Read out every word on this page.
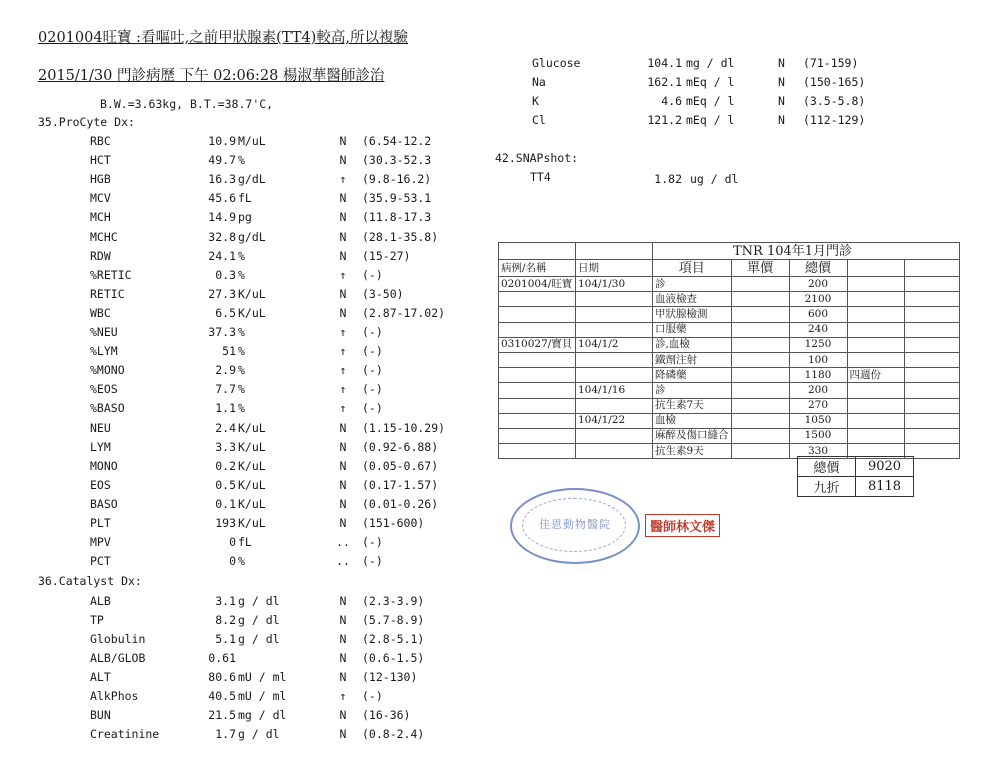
0201004旺寶 :看嘔吐,之前甲狀腺素(TT4)較高,所以複驗
2015/1/30 門診病歷 下午 02:06:28 楊淑華醫師診治
B.W.=3.63kg, B.T.=38.7'C,
35.ProCyte Dx:
RBC	10.9 M/uL	N	(6.54-12.2
HCT	49.7 %	N	(30.3-52.3
HGB	16.3 g/dL	↑	(9.8-16.2)
MCV	45.6 fL	N	(35.9-53.1
MCH	14.9 pg	N	(11.8-17.3
MCHC	32.8 g/dL	N	(28.1-35.8)
RDW	24.1 %	N	(15-27)
%RETIC	0.3 %	↑	(-)
RETIC	27.3 K/uL	N	(3-50)
WBC	6.5 K/uL	N	(2.87-17.02)
%NEU	37.3 %	↑	(-)
%LYM	51 %	↑	(-)
%MONO	2.9 %	↑	(-)
%EOS	7.7 %	↑	(-)
%BASO	1.1 %	↑	(-)
NEU	2.4 K/uL	N	(1.15-10.29)
LYM	3.3 K/uL	N	(0.92-6.88)
MONO	0.2 K/uL	N	(0.05-0.67)
EOS	0.5 K/uL	N	(0.17-1.57)
BASO	0.1 K/uL	N	(0.01-0.26)
PLT	193 K/uL	N	(151-600)
MPV	0 fL	.. (-)
PCT	0 %	.. (-)
36.Catalyst Dx:
ALB	3.1 g / dl	N	(2.3-3.9)
TP	8.2 g / dl	N	(5.7-8.9)
Globulin	5.1 g / dl	N	(2.8-5.1)
ALB/GLOB	0.61	N	(0.6-1.5)
ALT	80.6 mU / ml	N	(12-130)
AlkPhos	40.5 mU / ml	↑	(-)
BUN	21.5 mg / dl	N	(16-36)
Creatinine	1.7 g / dl	N	(0.8-2.4)
Glucose	104.1 mg / dl	N (71-159)
Na	162.1 mEq / l	N (150-165)
K	4.6 mEq / l	N (3.5-5.8)
Cl	121.2 mEq / l	N (112-129)
42.SNAPshot:
TT4	1.82 ug / dl
			TNR 104年1月門診			
病例/名稱	日期	項目	單價	總價		
0201004/旺寶	104/1/30	診		200		
		血液檢查		2100		
		甲狀腺檢測		600		
		口服藥		240		
0310027/寶貝	104/1/2	診,血檢		1250		
		鐵劑注射		100		
		降磷藥		1180	四週份	
	104/1/16	診		200		
		抗生素7天		270		
	104/1/22	血檢		1050		
		麻醉及傷口縫合		1500		
		抗生素9天		330		
總價	9020
九折	8118
佳恩動物醫院	醫師林文傑
